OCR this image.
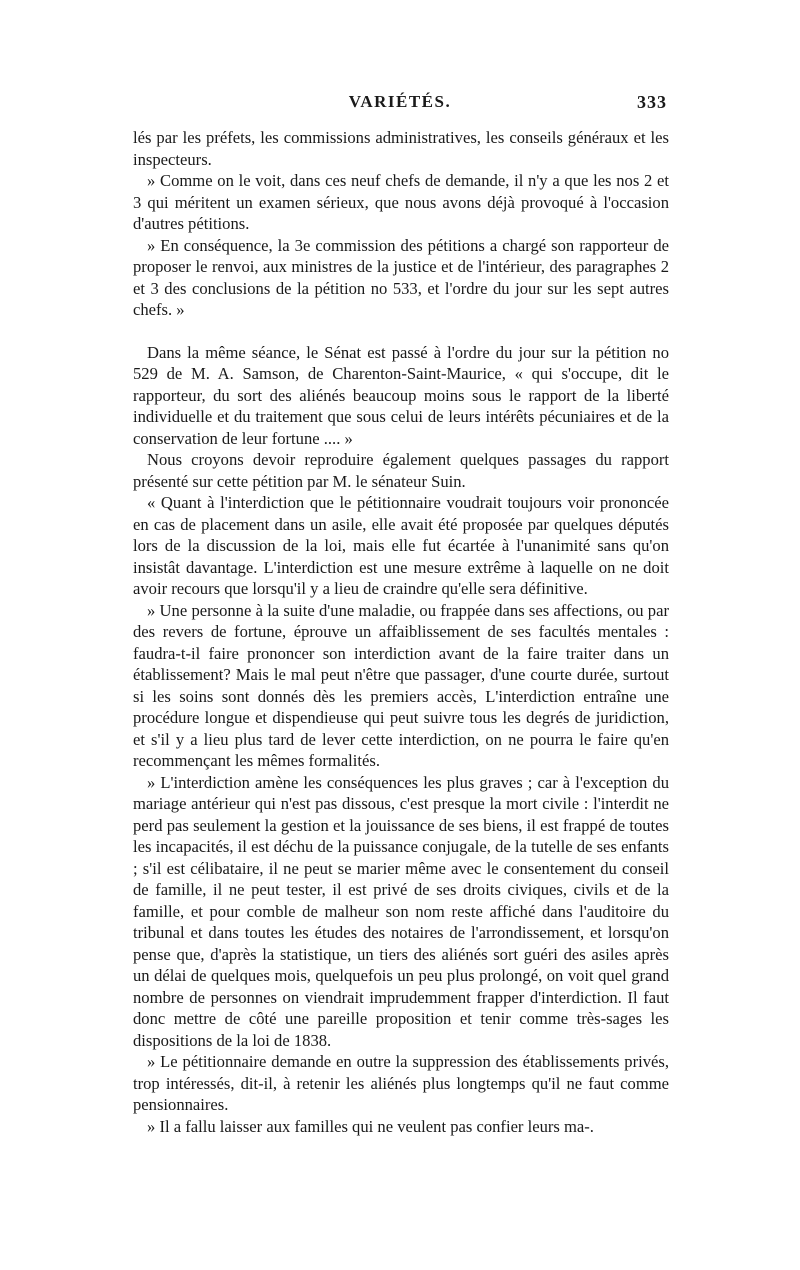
VARIÉTÉS.	333

lés par les préfets, les commissions administratives, les conseils généraux et les inspecteurs.

» Comme on le voit, dans ces neuf chefs de demande, il n'y a que les nos 2 et 3 qui méritent un examen sérieux, que nous avons déjà provoqué à l'occasion d'autres pétitions.

» En conséquence, la 3e commission des pétitions a chargé son rapporteur de proposer le renvoi, aux ministres de la justice et de l'intérieur, des paragraphes 2 et 3 des conclusions de la pétition no 533, et l'ordre du jour sur les sept autres chefs. »

Dans la même séance, le Sénat est passé à l'ordre du jour sur la pétition no 529 de M. A. Samson, de Charenton-Saint-Maurice, « qui s'occupe, dit le rapporteur, du sort des aliénés beaucoup moins sous le rapport de la liberté individuelle et du traitement que sous celui de leurs intérêts pécuniaires et de la conservation de leur fortune .... »

Nous croyons devoir reproduire également quelques passages du rapport présenté sur cette pétition par M. le sénateur Suin.

« Quant à l'interdiction que le pétitionnaire voudrait toujours voir prononcée en cas de placement dans un asile, elle avait été proposée par quelques députés lors de la discussion de la loi, mais elle fut écartée à l'unanimité sans qu'on insistât davantage. L'interdiction est une mesure extrême à laquelle on ne doit avoir recours que lorsqu'il y a lieu de craindre qu'elle sera définitive.

» Une personne à la suite d'une maladie, ou frappée dans ses affections, ou par des revers de fortune, éprouve un affaiblissement de ses facultés mentales : faudra-t-il faire prononcer son interdiction avant de la faire traiter dans un établissement? Mais le mal peut n'être que passager, d'une courte durée, surtout si les soins sont donnés dès les premiers accès, L'interdiction entraîne une procédure longue et dispendieuse qui peut suivre tous les degrés de juridiction, et s'il y a lieu plus tard de lever cette interdiction, on ne pourra le faire qu'en recommençant les mêmes formalités.

» L'interdiction amène les conséquences les plus graves ; car à l'exception du mariage antérieur qui n'est pas dissous, c'est presque la mort civile : l'interdit ne perd pas seulement la gestion et la jouissance de ses biens, il est frappé de toutes les incapacités, il est déchu de la puissance conjugale, de la tutelle de ses enfants ; s'il est célibataire, il ne peut se marier même avec le consentement du conseil de famille, il ne peut tester, il est privé de ses droits civiques, civils et de la famille, et pour comble de malheur son nom reste affiché dans l'auditoire du tribunal et dans toutes les études des notaires de l'arrondissement, et lorsqu'on pense que, d'après la statistique, un tiers des aliénés sort guéri des asiles après un délai de quelques mois, quelquefois un peu plus prolongé, on voit quel grand nombre de personnes on viendrait imprudemment frapper d'interdiction. Il faut donc mettre de côté une pareille proposition et tenir comme très-sages les dispositions de la loi de 1838.

» Le pétitionnaire demande en outre la suppression des établissements privés, trop intéressés, dit-il, à retenir les aliénés plus longtemps qu'il ne faut comme pensionnaires.

» Il a fallu laisser aux familles qui ne veulent pas confier leurs ma-.
